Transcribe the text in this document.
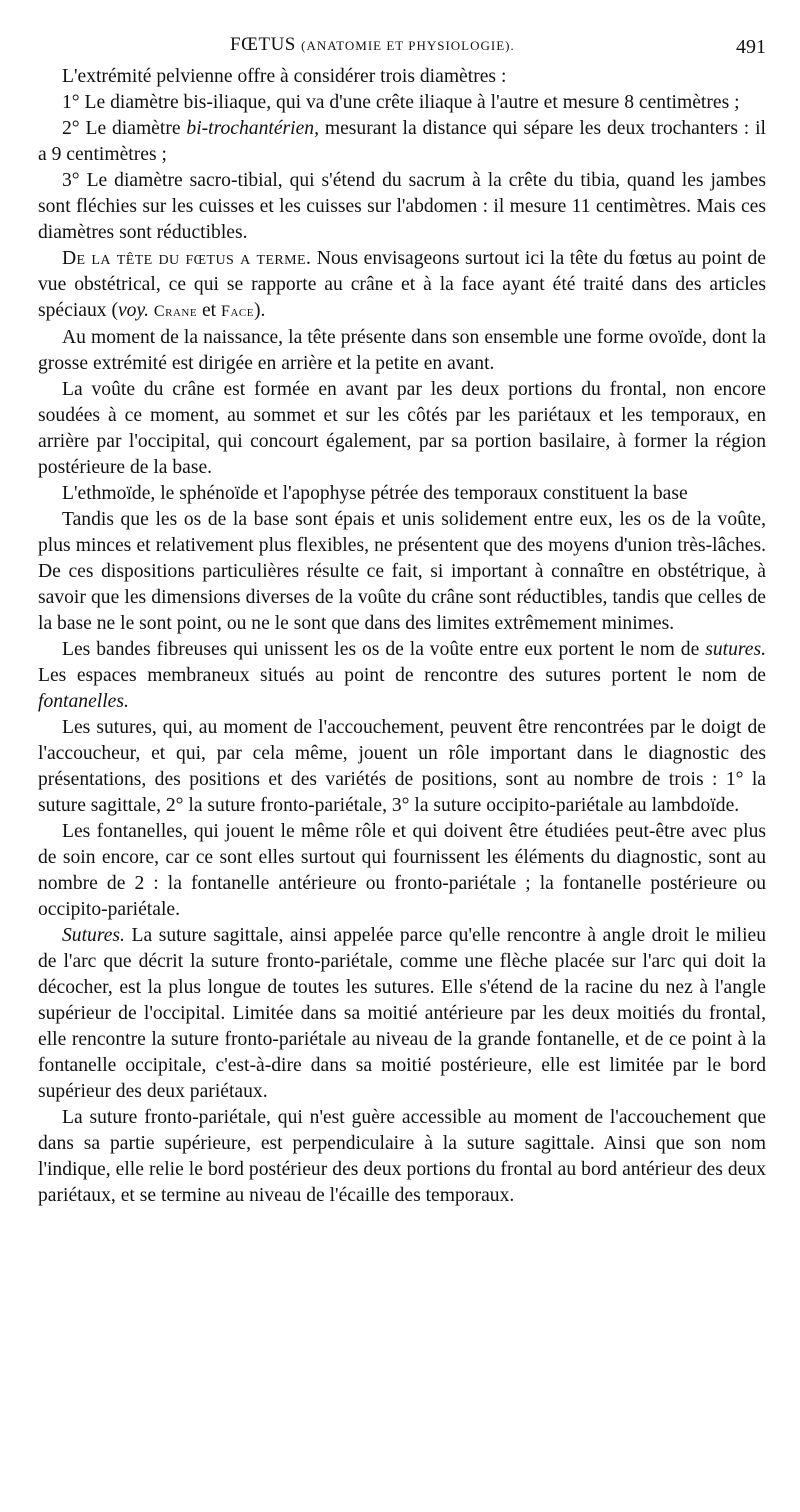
FŒTUS (ANATOMIE ET PHYSIOLOGIE).	491

L'extrémité pelvienne offre à considérer trois diamètres :

1° Le diamètre bis-iliaque, qui va d'une crête iliaque à l'autre et mesure 8 centimètres ;

2° Le diamètre bi-trochantérien, mesurant la distance qui sépare les deux trochanters : il a 9 centimètres ;

3° Le diamètre sacro-tibial, qui s'étend du sacrum à la crête du tibia, quand les jambes sont fléchies sur les cuisses et les cuisses sur l'abdomen : il mesure 11 centimètres. Mais ces diamètres sont réductibles.

De la tête du fœtus a terme. Nous envisageons surtout ici la tête du fœtus au point de vue obstétrical, ce qui se rapporte au crâne et à la face ayant été traité dans des articles spéciaux (voy. Crane et Face).

Au moment de la naissance, la tête présente dans son ensemble une forme ovoïde, dont la grosse extrémité est dirigée en arrière et la petite en avant.

La voûte du crâne est formée en avant par les deux portions du frontal, non encore soudées à ce moment, au sommet et sur les côtés par les pariétaux et les temporaux, en arrière par l'occipital, qui concourt également, par sa portion basilaire, à former la région postérieure de la base.

L'ethmoïde, le sphénoïde et l'apophyse pétrée des temporaux constituent la base

Tandis que les os de la base sont épais et unis solidement entre eux, les os de la voûte, plus minces et relativement plus flexibles, ne présentent que des moyens d'union très-lâches. De ces dispositions particulières résulte ce fait, si important à connaître en obstétrique, à savoir que les dimensions diverses de la voûte du crâne sont réductibles, tandis que celles de la base ne le sont point, ou ne le sont que dans des limites extrêmement minimes.

Les bandes fibreuses qui unissent les os de la voûte entre eux portent le nom de sutures. Les espaces membraneux situés au point de rencontre des sutures portent le nom de fontanelles.

Les sutures, qui, au moment de l'accouchement, peuvent être rencontrées par le doigt de l'accoucheur, et qui, par cela même, jouent un rôle important dans le diagnostic des présentations, des positions et des variétés de positions, sont au nombre de trois : 1° la suture sagittale, 2° la suture fronto-pariétale, 3° la suture occipito-pariétale au lambdoïde.

Les fontanelles, qui jouent le même rôle et qui doivent être étudiées peut-être avec plus de soin encore, car ce sont elles surtout qui fournissent les éléments du diagnostic, sont au nombre de 2 : la fontanelle antérieure ou fronto-pariétale ; la fontanelle postérieure ou occipito-pariétale.

Sutures. La suture sagittale, ainsi appelée parce qu'elle rencontre à angle droit le milieu de l'arc que décrit la suture fronto-pariétale, comme une flèche placée sur l'arc qui doit la décocher, est la plus longue de toutes les sutures. Elle s'étend de la racine du nez à l'angle supérieur de l'occipital. Limitée dans sa moitié antérieure par les deux moitiés du frontal, elle rencontre la suture fronto-pariétale au niveau de la grande fontanelle, et de ce point à la fontanelle occipitale, c'est-à-dire dans sa moitié postérieure, elle est limitée par le bord supérieur des deux pariétaux.

La suture fronto-pariétale, qui n'est guère accessible au moment de l'accouchement que dans sa partie supérieure, est perpendiculaire à la suture sagittale. Ainsi que son nom l'indique, elle relie le bord postérieur des deux portions du frontal au bord antérieur des deux pariétaux, et se termine au niveau de l'écaille des temporaux.
